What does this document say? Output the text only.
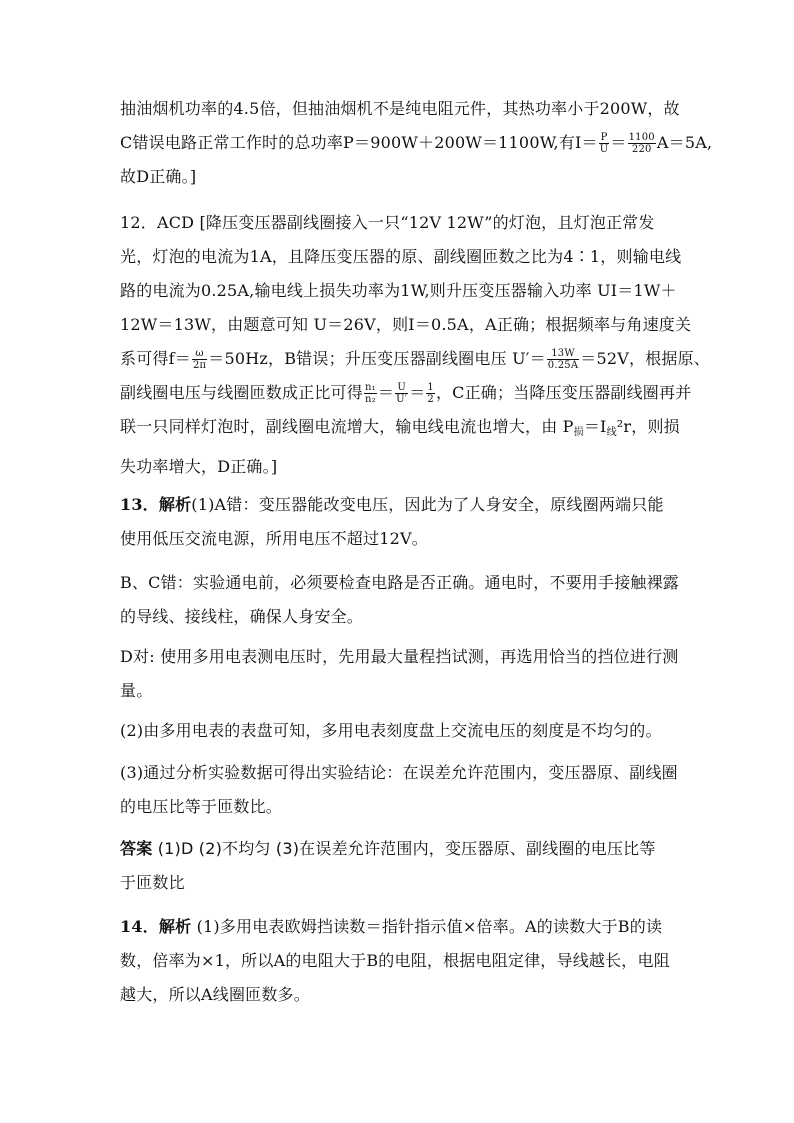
抽油烟机功率的4.5倍，但抽油烟机不是纯电阻元件，其热功率小于200W，故
C错误电路正常工作时的总功率P＝900W＋200W＝1100W,有$I= \frac{P}{U} = \frac{1100}{220} A=5A$,
故D正确。]
12．ACD [降压变压器副线圈接入一只“12V 12W”的灯泡，且灯泡正常发
光，灯泡的电流为1A，且降压变压器的原、副线圈匝数之比为4∶1，则输电线
路的电流为0.25A,输电线上损失功率为1W,则升压变压器输入功率 UI＝1W＋
12W＝13W，由题意可知 U＝26V，则I＝0.5A，A正确；根据频率与角速度关
系可得$f= \frac{\omega}{2\pi} =50Hz$，B错误；升压变压器副线圈电压 $U'= \frac{13W}{0.25A} =52V$，根据原、
副线圈电压与线圈匝数成正比可得 $\frac{\text{n₁}}{\text{n₂}} = \frac{U}{U'} = \frac{1}{2}$ ，C正确；当降压变压器副线圈再并
联一只同样灯泡时，副线圈电流增大，输电线电流也增大，由 $P_损=I_线^2r$，则损
失功率增大，D正确。]
13．解析(1)A错：变压器能改变电压，因此为了人身安全，原线圈两端只能
使用低压交流电源，所用电压不超过12V。
B、C错：实验通电前，必须要检查电路是否正确。通电时，不要用手接触裸露
的导线、接线柱，确保人身安全。
D对: 使用多用电表测电压时，先用最大量程挡试测，再选用恰当的挡位进行测
量。
(2)由多用电表的表盘可知，多用电表刻度盘上交流电压的刻度是不均匀的。
(3)通过分析实验数据可得出实验结论：在误差允许范围内，变压器原、副线圈
的电压比等于匝数比。
答案 (1)D (2)不均匀 (3)在误差允许范围内，变压器原、副线圈的电压比等
于匝数比
14．解析 (1)多用电表欧姆挡读数＝指针指示值×倍率。A的读数大于B的读
数，倍率为×1，所以A的电阻大于B的电阻，根据电阻定律，导线越长，电阻
越大，所以A线圈匝数多。
